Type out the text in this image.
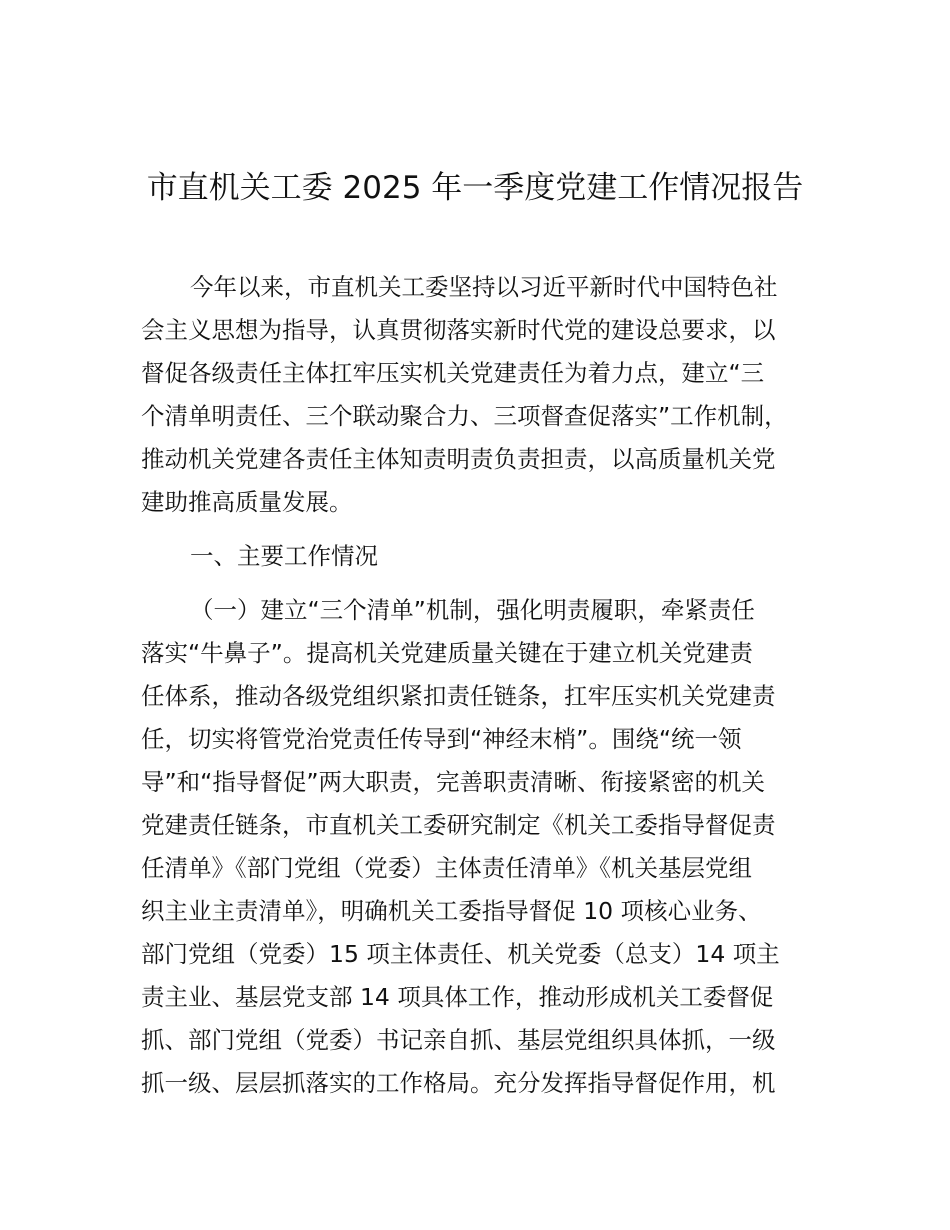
市直机关工委 2025 年一季度党建工作情况报告
今年以来，市直机关工委坚持以习近平新时代中国特色社
会主义思想为指导，认真贯彻落实新时代党的建设总要求，以
督促各级责任主体扛牢压实机关党建责任为着力点，建立“三
个清单明责任、三个联动聚合力、三项督查促落实”工作机制，
推动机关党建各责任主体知责明责负责担责，以高质量机关党
建助推高质量发展。
一、主要工作情况
（一）建立“三个清单”机制，强化明责履职，牵紧责任
落实“牛鼻子”。提高机关党建质量关键在于建立机关党建责
任体系，推动各级党组织紧扣责任链条，扛牢压实机关党建责
任，切实将管党治党责任传导到“神经末梢”。围绕“统一领
导”和“指导督促”两大职责，完善职责清晰、衔接紧密的机关
党建责任链条，市直机关工委研究制定《机关工委指导督促责
任清单》《部门党组（党委）主体责任清单》《机关基层党组
织主业主责清单》，明确机关工委指导督促 10 项核心业务、
部门党组（党委）15 项主体责任、机关党委（总支）14 项主
责主业、基层党支部 14 项具体工作，推动形成机关工委督促
抓、部门党组（党委）书记亲自抓、基层党组织具体抓，一级
抓一级、层层抓落实的工作格局。充分发挥指导督促作用，机
